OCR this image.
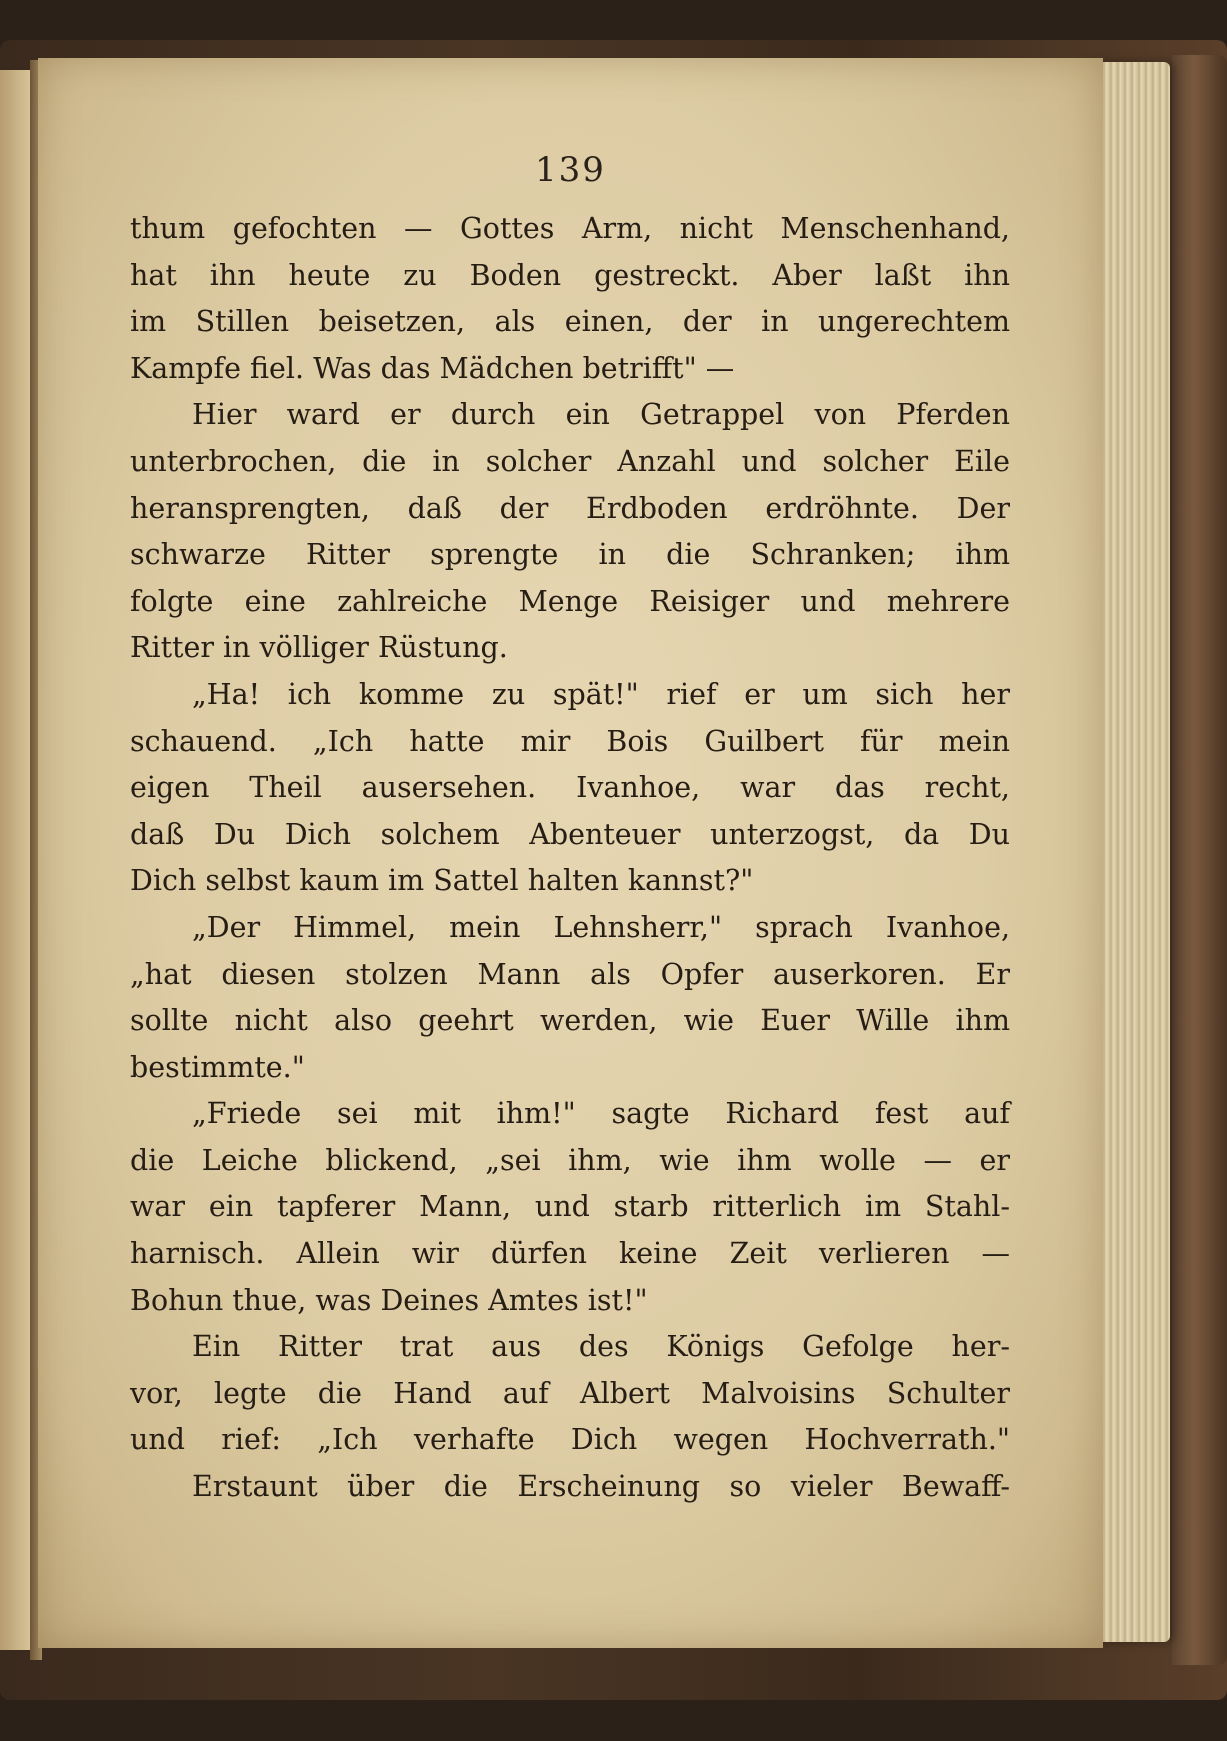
139
thum gefochten — Gottes Arm, nicht Menschenhand,
hat ihn heute zu Boden gestreckt. Aber laßt ihn
im Stillen beisetzen, als einen, der in ungerechtem
Kampfe fiel. Was das Mädchen betrifft" —
Hier ward er durch ein Getrappel von Pferden
unterbrochen, die in solcher Anzahl und solcher Eile
heransprengten, daß der Erdboden erdröhnte. Der
schwarze Ritter sprengte in die Schranken; ihm
folgte eine zahlreiche Menge Reisiger und mehrere
Ritter in völliger Rüstung.
„Ha! ich komme zu spät!" rief er um sich her
schauend. „Ich hatte mir Bois Guilbert für mein
eigen Theil ausersehen. Ivanhoe, war das recht,
daß Du Dich solchem Abenteuer unterzogst, da Du
Dich selbst kaum im Sattel halten kannst?"
„Der Himmel, mein Lehnsherr," sprach Ivanhoe,
„hat diesen stolzen Mann als Opfer auserkoren. Er
sollte nicht also geehrt werden, wie Euer Wille ihm
bestimmte."
„Friede sei mit ihm!" sagte Richard fest auf
die Leiche blickend, „sei ihm, wie ihm wolle — er
war ein tapferer Mann, und starb ritterlich im Stahl-
harnisch. Allein wir dürfen keine Zeit verlieren —
Bohun thue, was Deines Amtes ist!"
Ein Ritter trat aus des Königs Gefolge her-
vor, legte die Hand auf Albert Malvoisins Schulter
und rief: „Ich verhafte Dich wegen Hochverrath."
Erstaunt über die Erscheinung so vieler Bewaff-
